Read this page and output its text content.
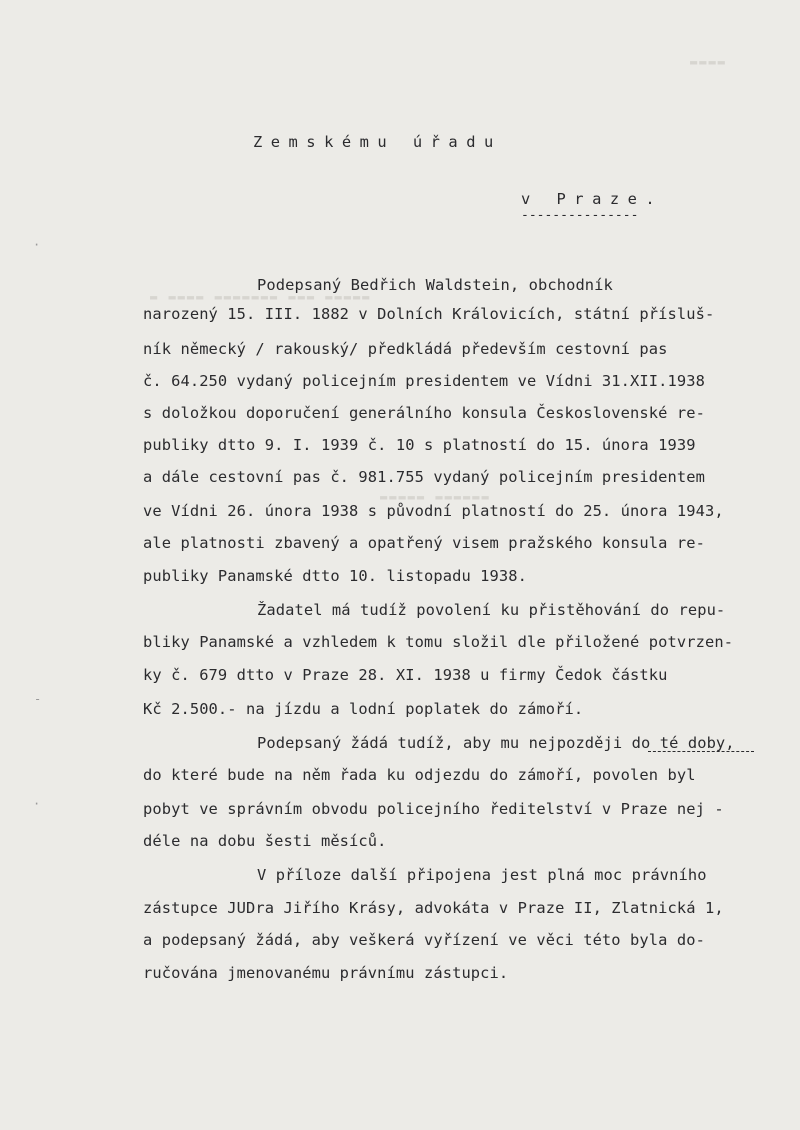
▬▬▬▬
▬ ▬▬▬▬ ▬▬▬▬▬▬▬ ▬▬▬ ▬▬▬▬▬
▬▬▬▬▬ ▬▬▬▬▬▬
·
-
·
Zemskému úřadu
v Praze.
---------------
Podepsaný Bedřich Waldstein, obchodník
narozený 15. III. 1882 v Dolních Královicích, státní přísluš-
ník německý / rakouský/ předkládá především cestovní pas
č. 64.250 vydaný policejním presidentem ve Vídni 31.XII.1938
s doložkou doporučení generálního konsula Československé re-
publiky dtto 9. I. 1939 č. 10 s platností do 15. února 1939
a dále cestovní pas č. 981.755 vydaný policejním presidentem
ve Vídni 26. února 1938 s původní platností do 25. února 1943,
ale platnosti zbavený a opatřený visem pražského konsula re-
publiky Panamské dtto 10. listopadu 1938.
Žadatel má tudíž povolení ku přistěhování do repu-
bliky Panamské a vzhledem k tomu složil dle přiložené potvrzen-
ky č. 679 dtto v Praze 28. XI. 1938 u firmy Čedok částku
Kč 2.500.- na jízdu a lodní poplatek do zámoří.
Podepsaný žádá tudíž, aby mu nejpozději do té doby,
do které bude na něm řada ku odjezdu do zámoří, povolen byl
pobyt ve správním obvodu policejního ředitelství v Praze nej -
déle na dobu šesti měsíců.
V příloze další připojena jest plná moc právního
zástupce JUDra Jiřího Krásy, advokáta v Praze II, Zlatnická 1,
a podepsaný žádá, aby veškerá vyřízení ve věci této byla do-
ručována jmenovanému právnímu zástupci.
